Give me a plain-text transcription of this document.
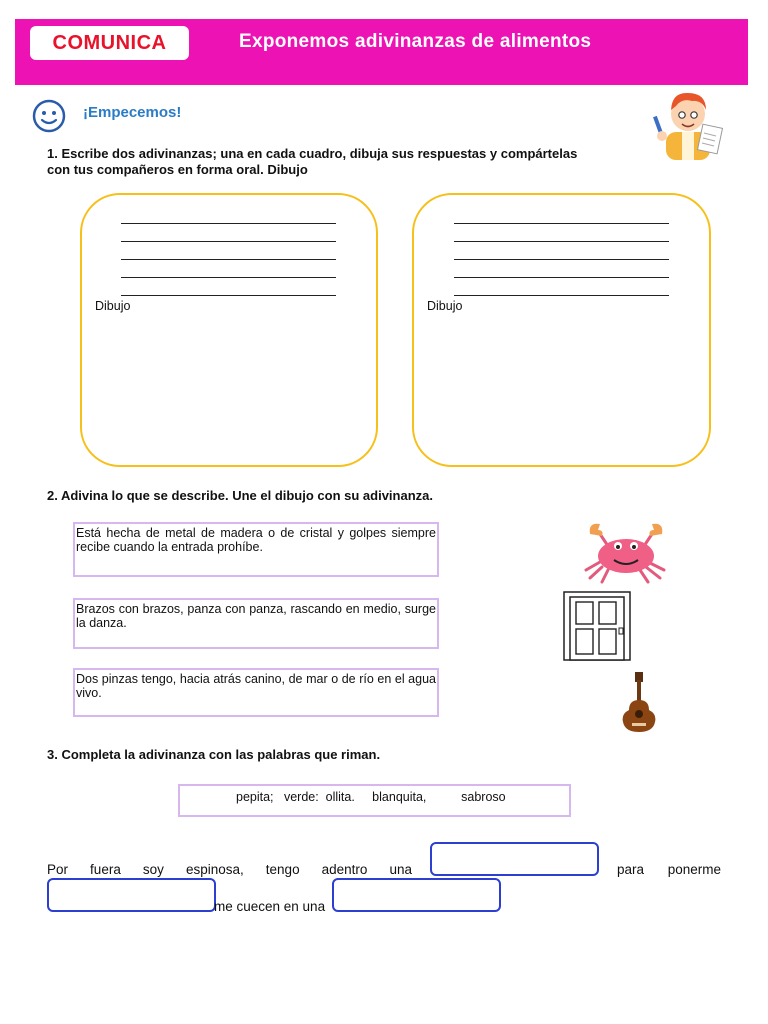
COMUNICA	Exponemos adivinanzas de alimentos
¡Empecemos!
1. Escribe dos adivinanzas; una en cada cuadro, dibuja sus respuestas y compártelas
con tus compañeros en forma oral. Dibujo
Dibujo	Dibujo
2. Adivina lo que se describe. Une el dibujo con su adivinanza.
Está hecha de metal de madera o de cristal y golpes siempre recibe cuando la entrada prohíbe.
Brazos con brazos, panza con panza, rascando en medio, surge la danza.
Dos pinzas tengo, hacia atrás canino, de mar o de río en el agua vivo.
3. Completa la adivinanza con las palabras que riman.
pepita;   verde:  ollita.     blanquita,          sabroso
Por fuera soy espinosa, tengo adentro una	para ponerme
me cuecen en una
